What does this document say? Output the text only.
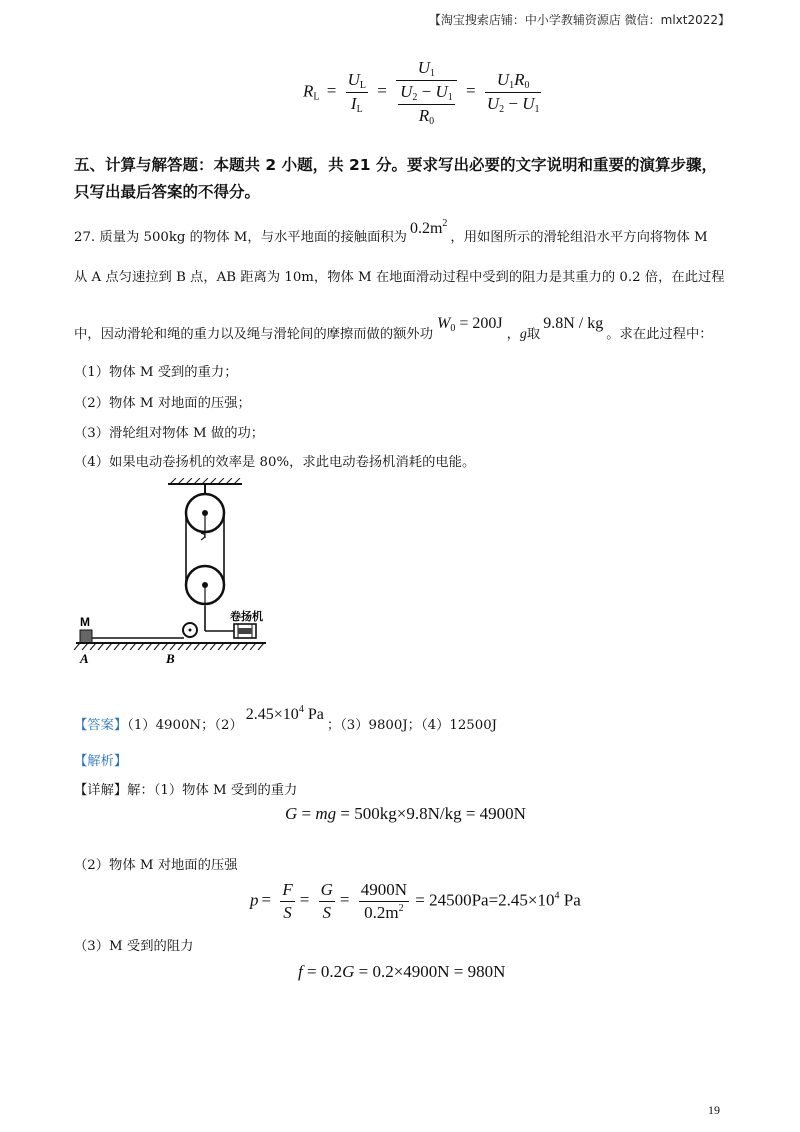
【淘宝搜索店铺：中小学教辅资源店 微信：mlxt2022】
$R_L = \frac{U_L}{I_L} = \frac{U_1}{\frac{U_2 - U_1}{R_0}} = \frac{U_1R_0}{U_2 - U_1}$
五、计算与解答题：本题共 2 小题，共 21 分。要求写出必要的文字说明和重要的演算步骤，
只写出最后答案的不得分。
27. 质量为 500kg 的物体 M，与水平地面的接触面积为$0.2m^2$，用如图所示的滑轮组沿水平方向将物体 M
从 A 点匀速拉到 B 点，AB 距离为 10m，物体 M 在地面滑动过程中受到的阻力是其重力的 0.2 倍，在此过程
中，因动滑轮和绳的重力以及绳与滑轮间的摩擦而做的额外功$W_0 = 200J$，g取9.8N / kg。求在此过程中：
（1）物体 M 受到的重力；
（2）物体 M 对地面的压强；
（3）滑轮组对物体 M 做的功；
（4）如果电动卷扬机的效率是 80%，求此电动卷扬机消耗的电能。
M
A	B
卷扬机
【答案】（1）4900N；$(2)2.45\times 10^4$ Pa；（3）9800J；（4）12500J
【解析】
【详解】解：（1）物体 M 受到的重力
G = mg = 500kg×9.8N/kg = 4900N
（2）物体 M 对地面的压强
$p = \frac{F}{S} = \frac{G}{S} = \frac{4900N}{0.2m^2} = 24500Pa=2.45\times 10^4$ Pa
（3）M 受到的阻力
f = 0.2G = 0.2×4900N = 980N
19
